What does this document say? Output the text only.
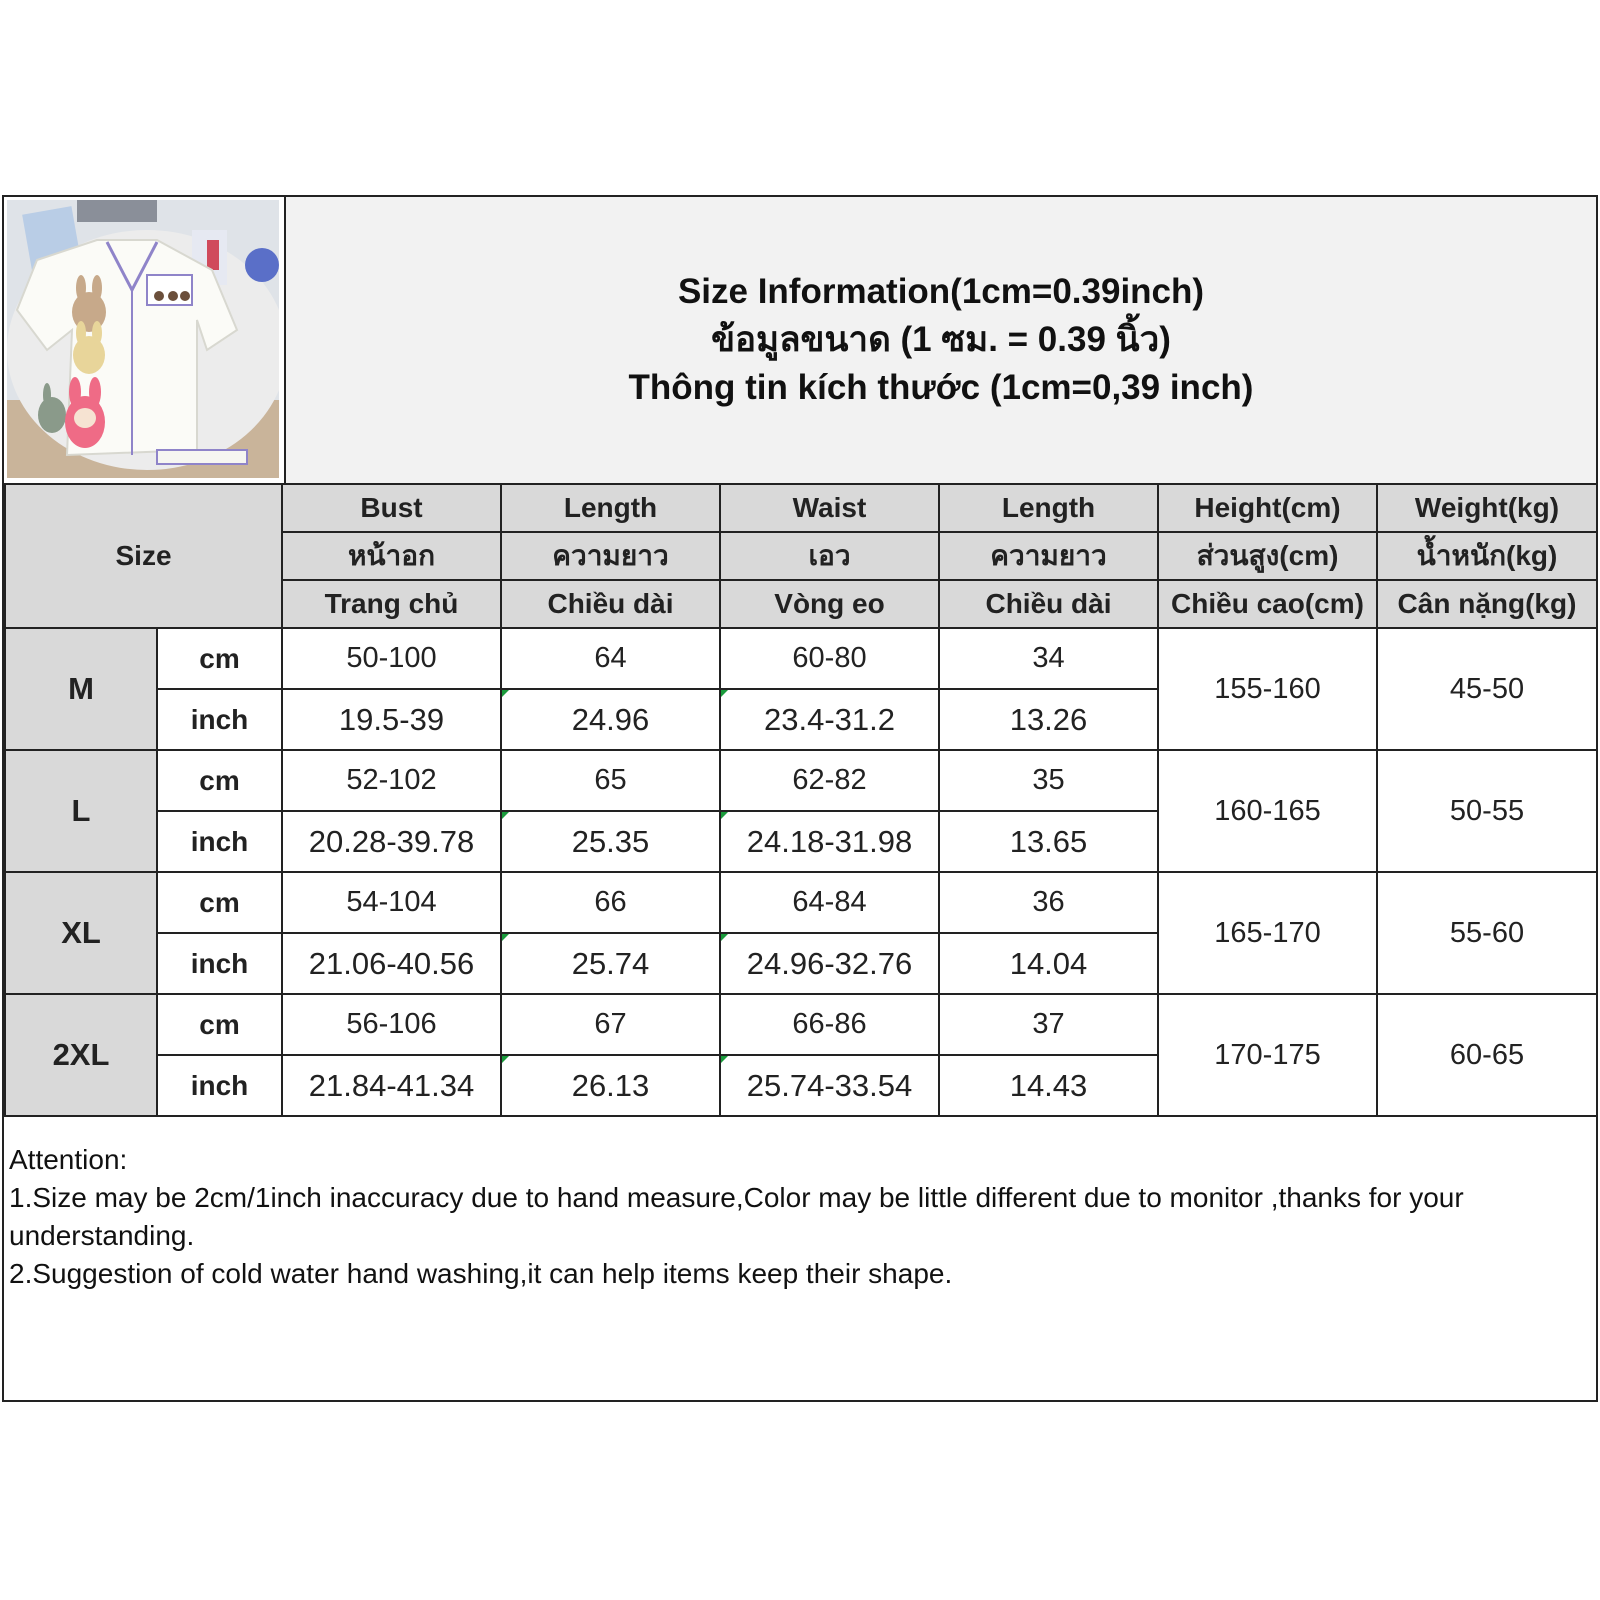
Size Information(1cm=0.39inch)
ข้อมูลขนาด (1 ซม. = 0.39 นิ้ว)
Thông tin kích thước (1cm=0,39 inch)
Size		Bust	Length	Waist	Length	Height(cm)	Weight(kg)
		หน้าอก	ความยาว	เอว	ความยาว	ส่วนสูง(cm)	น้ำหนัก(kg)
		Trang chủ	Chiều dài	Vòng eo	Chiều dài	Chiều cao(cm)	Cân nặng(kg)
M	cm	50-100	64	60-80	34	155-160	45-50
	inch	19.5-39	24.96	23.4-31.2	13.26		
L	cm	52-102	65	62-82	35	160-165	50-55
	inch	20.28-39.78	25.35	24.18-31.98	13.65		
XL	cm	54-104	66	64-84	36	165-170	55-60
	inch	21.06-40.56	25.74	24.96-32.76	14.04		
2XL	cm	56-106	67	66-86	37	170-175	60-65
	inch	21.84-41.34	26.13	25.74-33.54	14.43		
Attention:
1.Size may be 2cm/1inch inaccuracy due to hand measure,Color may be little different due to monitor ,thanks for your understanding.
2.Suggestion of cold water hand washing,it can help items keep their shape.
